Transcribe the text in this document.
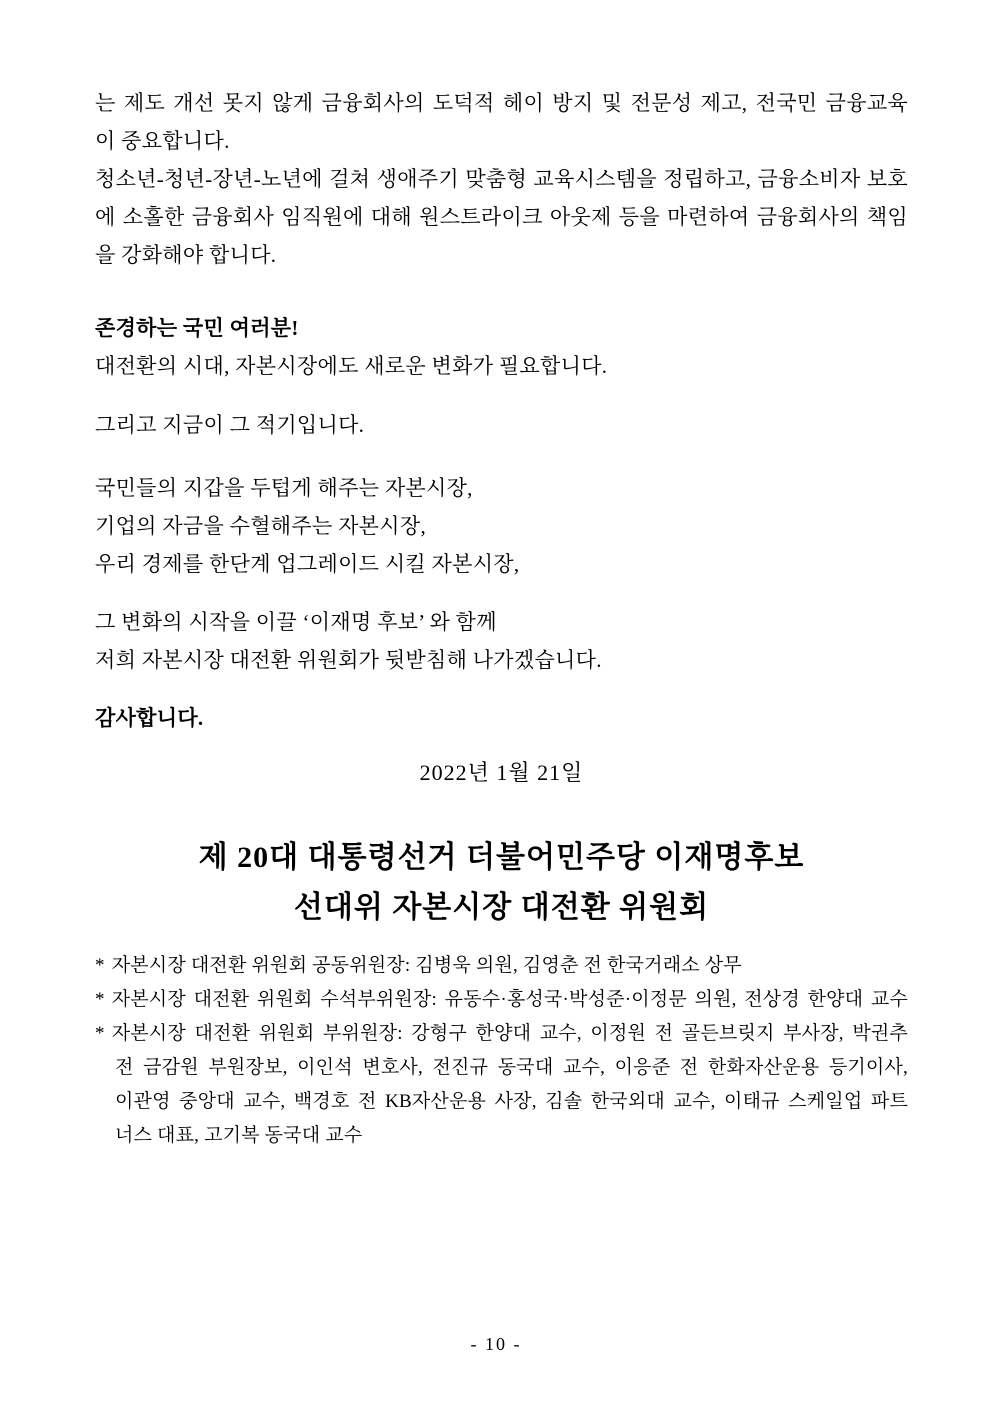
는 제도 개선 못지 않게 금융회사의 도덕적 헤이 방지 및 전문성 제고, 전국민 금융교육
이 중요합니다.
청소년-청년-장년-노년에 걸쳐 생애주기 맞춤형 교육시스템을 정립하고, 금융소비자 보호
에 소홀한 금융회사 임직원에 대해 원스트라이크 아웃제 등을 마련하여 금융회사의 책임
을 강화해야 합니다.
존경하는 국민 여러분!
대전환의 시대, 자본시장에도 새로운 변화가 필요합니다.
그리고 지금이 그 적기입니다.
국민들의 지갑을 두텁게 해주는 자본시장,
기업의 자금을 수혈해주는 자본시장,
우리 경제를 한단계 업그레이드 시킬 자본시장,
그 변화의 시작을 이끌 ‘이재명 후보’ 와 함께
저희 자본시장 대전환 위원회가 뒷받침해 나가겠습니다.
감사합니다.
2022년 1월 21일
제 20대 대통령선거 더불어민주당 이재명후보
선대위 자본시장 대전환 위원회
* 자본시장 대전환 위원회 공동위원장: 김병욱 의원, 김영춘 전 한국거래소 상무
* 자본시장 대전환 위원회 수석부위원장: 유동수·홍성국·박성준·이정문 의원, 전상경 한양대 교수
* 자본시장 대전환 위원회 부위원장: 강형구 한양대 교수, 이정원 전 골든브릿지 부사장, 박권추
전 금감원 부원장보, 이인석 변호사, 전진규 동국대 교수, 이응준 전 한화자산운용 등기이사,
이관영 중앙대 교수, 백경호 전 KB자산운용 사장, 김솔 한국외대 교수, 이태규 스케일업 파트
너스 대표, 고기복 동국대 교수
- 10 -
